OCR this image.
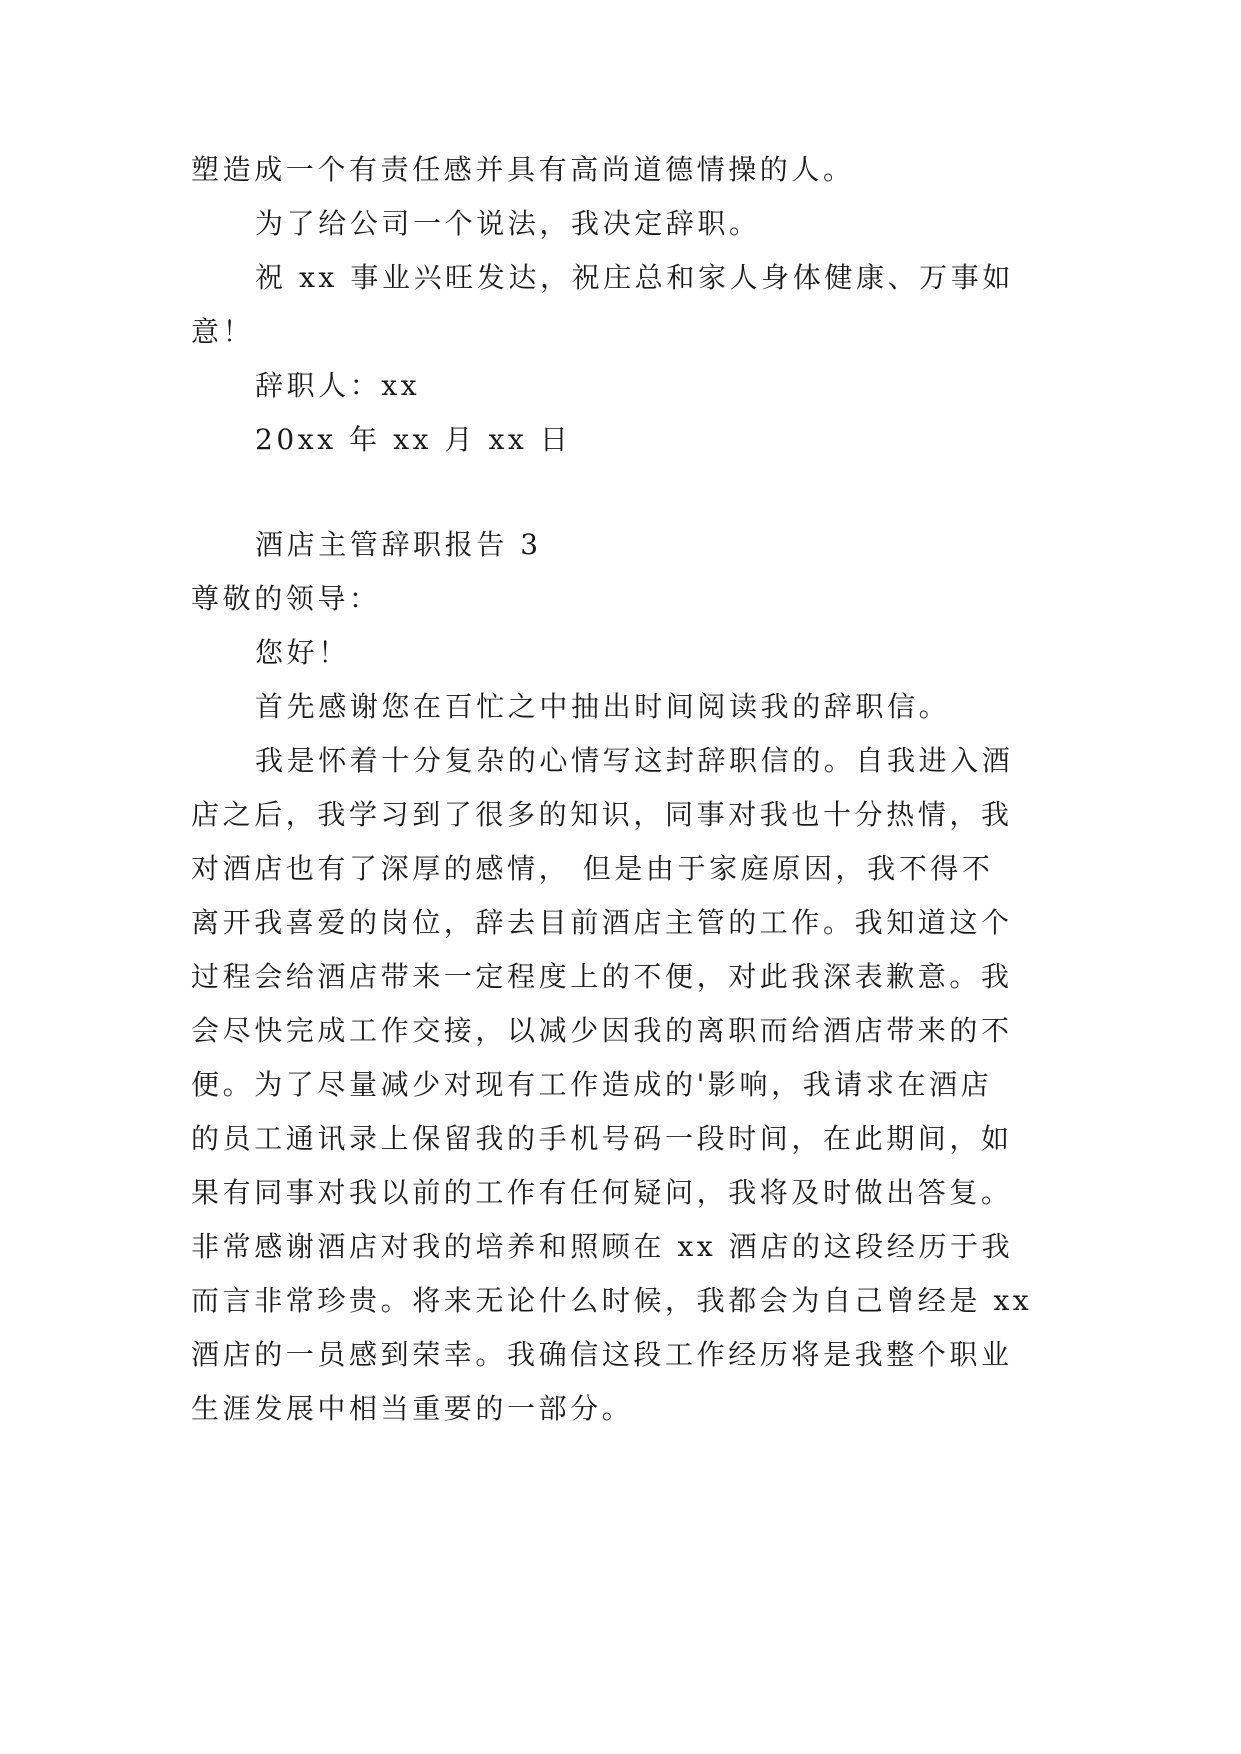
塑造成一个有责任感并具有高尚道德情操的人。
为了给公司一个说法，我决定辞职。
祝 xx 事业兴旺发达，祝庄总和家人身体健康、万事如
意！
辞职人：xx
20xx 年 xx 月 xx 日
酒店主管辞职报告 3
尊敬的领导：
您好！
首先感谢您在百忙之中抽出时间阅读我的辞职信。
我是怀着十分复杂的心情写这封辞职信的。自我进入酒
店之后，我学习到了很多的知识，同事对我也十分热情，我
对酒店也有了深厚的感情， 但是由于家庭原因，我不得不
离开我喜爱的岗位，辞去目前酒店主管的工作。我知道这个
过程会给酒店带来一定程度上的不便，对此我深表歉意。我
会尽快完成工作交接，以减少因我的离职而给酒店带来的不
便。为了尽量减少对现有工作造成的'影响，我请求在酒店
的员工通讯录上保留我的手机号码一段时间，在此期间，如
果有同事对我以前的工作有任何疑问，我将及时做出答复。
非常感谢酒店对我的培养和照顾在 xx 酒店的这段经历于我
而言非常珍贵。将来无论什么时候，我都会为自己曾经是 xx
酒店的一员感到荣幸。我确信这段工作经历将是我整个职业
生涯发展中相当重要的一部分。
